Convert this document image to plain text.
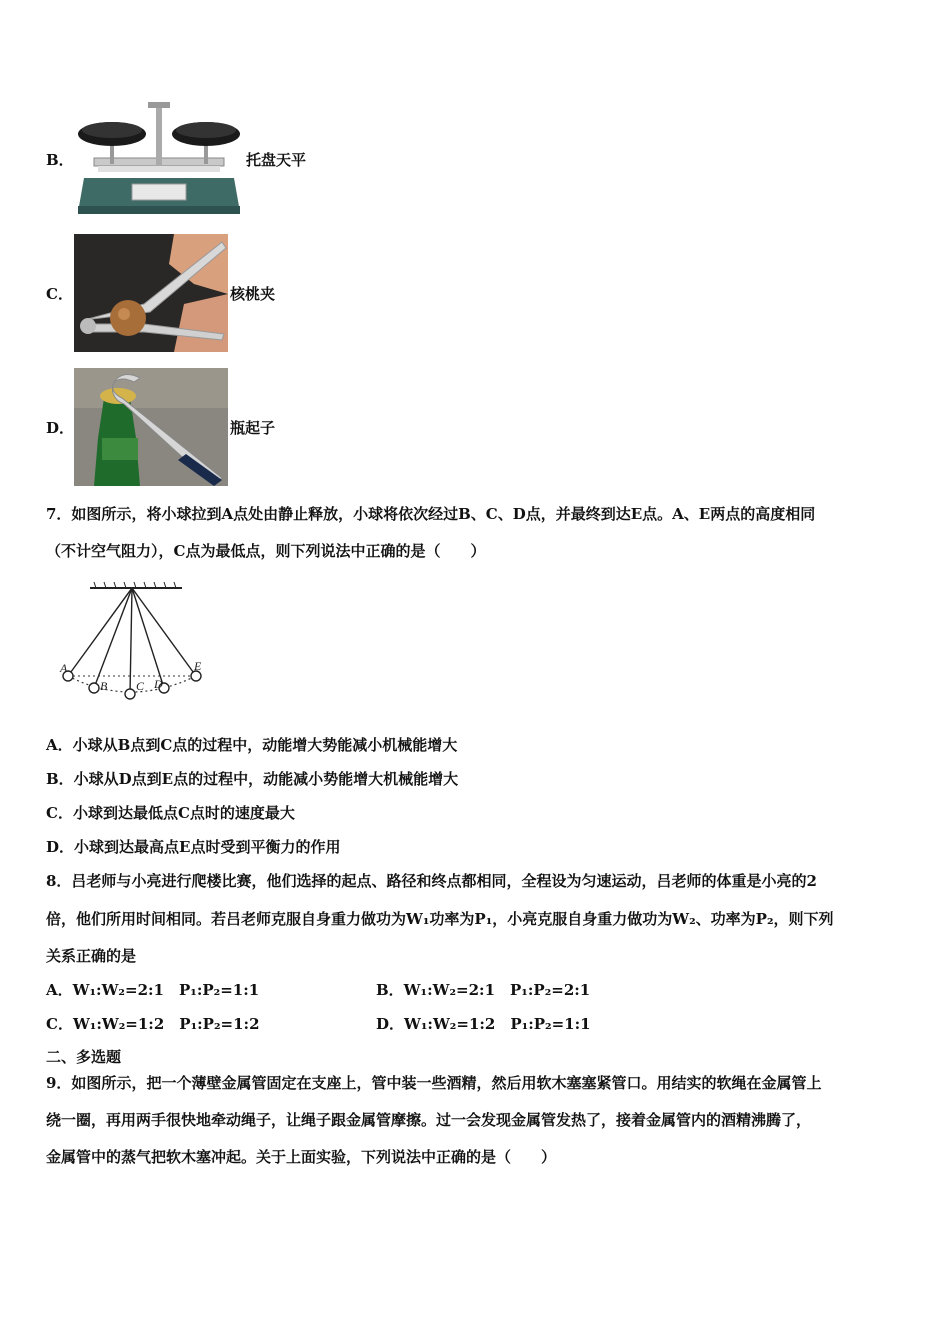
B．	托盘天平
C．	核桃夹
D．	瓶起子
7．如图所示，将小球拉到A点处由静止释放，小球将依次经过B、C、D点，并最终到达E点。A、E两点的高度相同
（不计空气阻力），C点为最低点，则下列说法中正确的是（　　）
A
B C D
E
A．小球从B点到C点的过程中，动能增大势能减小机械能增大
B．小球从D点到E点的过程中，动能减小势能增大机械能增大
C．小球到达最低点C点时的速度最大
D．小球到达最高点E点时受到平衡力的作用
8．吕老师与小亮进行爬楼比赛，他们选择的起点、路径和终点都相同，全程设为匀速运动，吕老师的体重是小亮的2
倍，他们所用时间相同。若吕老师克服自身重力做功为W₁功率为P₁，小亮克服自身重力做功为W₂、功率为P₂，则下列
关系正确的是
A．W₁:W₂=2:1　P₁:P₂=1:1	B．W₁:W₂=2:1　P₁:P₂=2:1
C．W₁:W₂=1:2　P₁:P₂=1:2	D．W₁:W₂=1:2　P₁:P₂=1:1
二、多选题
9．如图所示，把一个薄壁金属管固定在支座上，管中装一些酒精，然后用软木塞塞紧管口。用结实的软绳在金属管上
绕一圈，再用两手很快地牵动绳子，让绳子跟金属管摩擦。过一会发现金属管发热了，接着金属管内的酒精沸腾了，
金属管中的蒸气把软木塞冲起。关于上面实验，下列说法中正确的是（　　）
